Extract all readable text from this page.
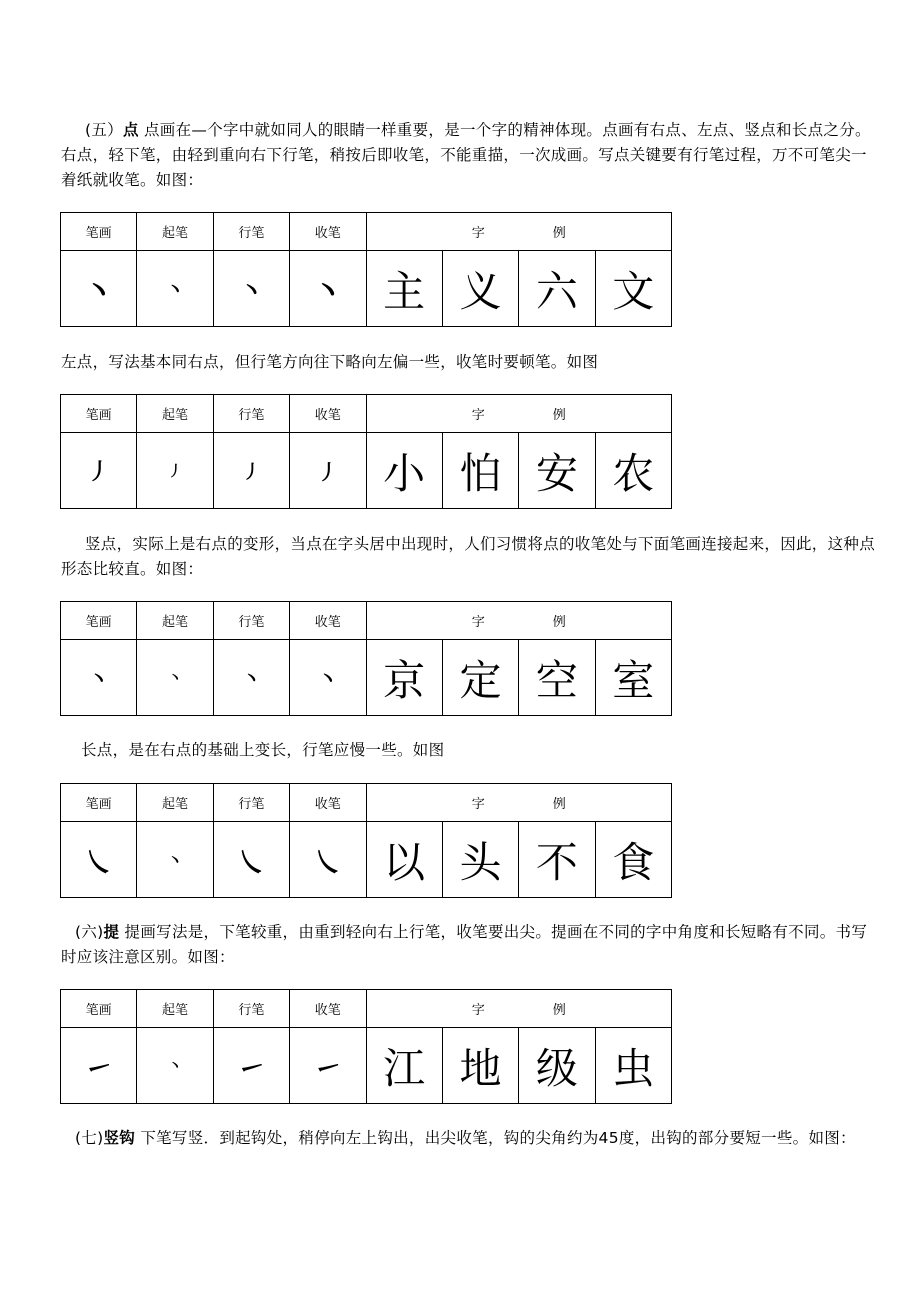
(五）点 点画在—个字中就如同人的眼睛一样重要，是一个字的精神体现。点画有右点、左点、竖点和长点之分。右点，轻下笔，由轻到重向右下行笔，稍按后即收笔，不能重描，一次成画。写点关键要有行笔过程，万不可笔尖一着纸就收笔。如图：
笔画	起笔	行笔	收笔	字 例			
丶	丶	丶	丶	主	义	六	文
左点，写法基本同右点，但行笔方向往下略向左偏一些，收笔时要顿笔。如图
笔画	起笔	行笔	收笔	字 例			
丿	丿	丿	丿	小	怕	安	农
竖点，实际上是右点的变形，当点在字头居中出现时，人们习惯将点的收笔处与下面笔画连接起来，因此，这种点形态比较直。如图：
笔画	起笔	行笔	收笔	字 例			
丶	丶	丶	丶	京	定	空	室
长点，是在右点的基础上变长，行笔应慢一些。如图
笔画	起笔	行笔	收笔	字 例			
㇏	丶	㇏	㇏	以	头	不	食
(六)提 提画写法是，下笔较重，由重到轻向右上行笔，收笔要出尖。提画在不同的字中角度和长短略有不同。书写时应该注意区别。如图：
笔画	起笔	行笔	收笔	字 例			
㇀	丶	㇀	㇀	江	地	级	虫
(七)竖钩 下笔写竖．到起钩处，稍停向左上钩出，出尖收笔，钩的尖角约为45度，出钩的部分要短一些。如图：
